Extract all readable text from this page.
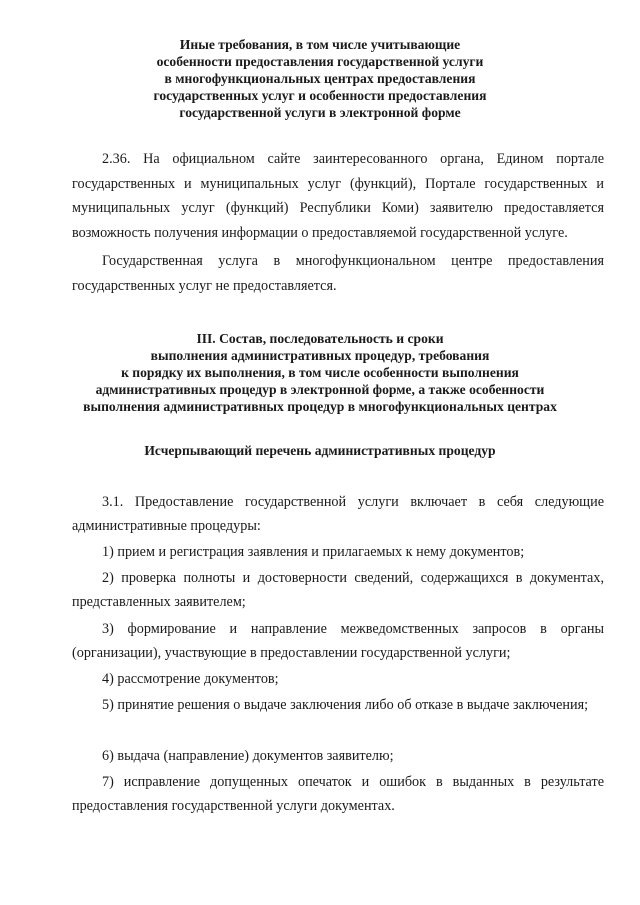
Иные требования, в том числе учитывающие
особенности предоставления государственной услуги
в многофункциональных центрах предоставления
государственных услуг и особенности предоставления
государственной услуги в электронной форме

2.36. На официальном сайте заинтересованного органа, Едином портале государственных и муниципальных услуг (функций), Портале государственных и муниципальных услуг (функций) Республики Коми) заявителю предоставляется возможность получения информации о предоставляемой государственной услуге.

Государственная услуга в многофункциональном центре предоставления государственных услуг не предоставляется.

III. Состав, последовательность и сроки
выполнения административных процедур, требования
к порядку их выполнения, в том числе особенности выполнения
административных процедур в электронной форме, а также особенности
выполнения административных процедур в многофункциональных центрах
Исчерпывающий перечень административных процедур

3.1. Предоставление государственной услуги включает в себя следующие административные процедуры:

1) прием и регистрация заявления и прилагаемых к нему документов;

2) проверка полноты и достоверности сведений, содержащихся в документах, представленных заявителем;

3) формирование и направление межведомственных запросов в органы (организации), участвующие в предоставлении государственной услуги;

4) рассмотрение документов;

5) принятие решения о выдаче заключения либо об отказе в выдаче заключения;

6) выдача (направление) документов заявителю;

7) исправление допущенных опечаток и ошибок в выданных в результате предоставления государственной услуги документах.
